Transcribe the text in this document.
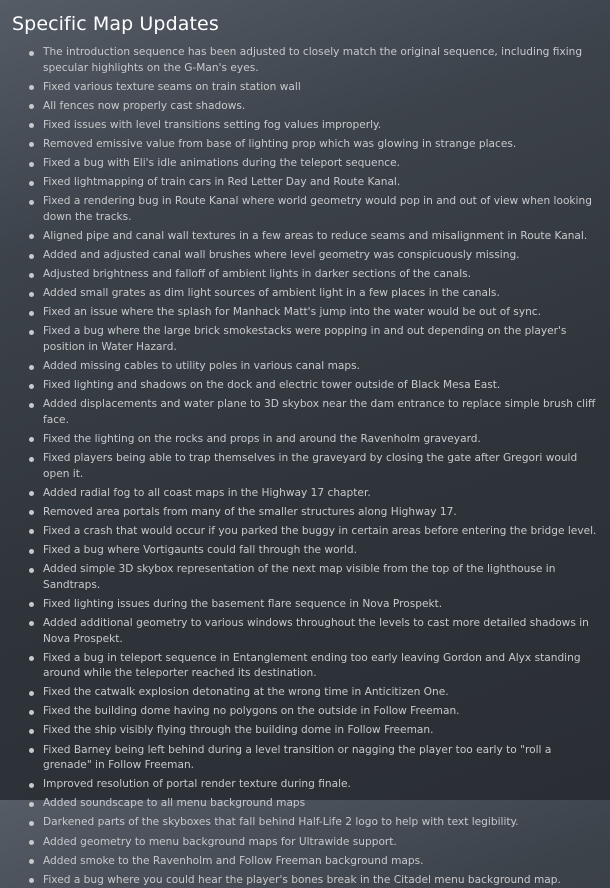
Specific Map Updates
The introduction sequence has been adjusted to closely match the original sequence, including fixing specular highlights on the G-Man's eyes.
Fixed various texture seams on train station wall
All fences now properly cast shadows.
Fixed issues with level transitions setting fog values improperly.
Removed emissive value from base of lighting prop which was glowing in strange places.
Fixed a bug with Eli's idle animations during the teleport sequence.
Fixed lightmapping of train cars in Red Letter Day and Route Kanal.
Fixed a rendering bug in Route Kanal where world geometry would pop in and out of view when looking down the tracks.
Aligned pipe and canal wall textures in a few areas to reduce seams and misalignment in Route Kanal.
Added and adjusted canal wall brushes where level geometry was conspicuously missing.
Adjusted brightness and falloff of ambient lights in darker sections of the canals.
Added small grates as dim light sources of ambient light in a few places in the canals.
Fixed an issue where the splash for Manhack Matt's jump into the water would be out of sync.
Fixed a bug where the large brick smokestacks were popping in and out depending on the player's position in Water Hazard.
Added missing cables to utility poles in various canal maps.
Fixed lighting and shadows on the dock and electric tower outside of Black Mesa East.
Added displacements and water plane to 3D skybox near the dam entrance to replace simple brush cliff face.
Fixed the lighting on the rocks and props in and around the Ravenholm graveyard.
Fixed players being able to trap themselves in the graveyard by closing the gate after Gregori would open it.
Added radial fog to all coast maps in the Highway 17 chapter.
Removed area portals from many of the smaller structures along Highway 17.
Fixed a crash that would occur if you parked the buggy in certain areas before entering the bridge level.
Fixed a bug where Vortigaunts could fall through the world.
Added simple 3D skybox representation of the next map visible from the top of the lighthouse in Sandtraps.
Fixed lighting issues during the basement flare sequence in Nova Prospekt.
Added additional geometry to various windows throughout the levels to cast more detailed shadows in Nova Prospekt.
Fixed a bug in teleport sequence in Entanglement ending too early leaving Gordon and Alyx standing around while the teleporter reached its destination.
Fixed the catwalk explosion detonating at the wrong time in Anticitizen One.
Fixed the building dome having no polygons on the outside in Follow Freeman.
Fixed the ship visibly flying through the building dome in Follow Freeman.
Fixed Barney being left behind during a level transition or nagging the player too early to "roll a grenade" in Follow Freeman.
Improved resolution of portal render texture during finale.
Added soundscape to all menu background maps
Darkened parts of the skyboxes that fall behind Half-Life 2 logo to help with text legibility.
Added geometry to menu background maps for Ultrawide support.
Added smoke to the Ravenholm and Follow Freeman background maps.
Fixed a bug where you could hear the player's bones break in the Citadel menu background map.
